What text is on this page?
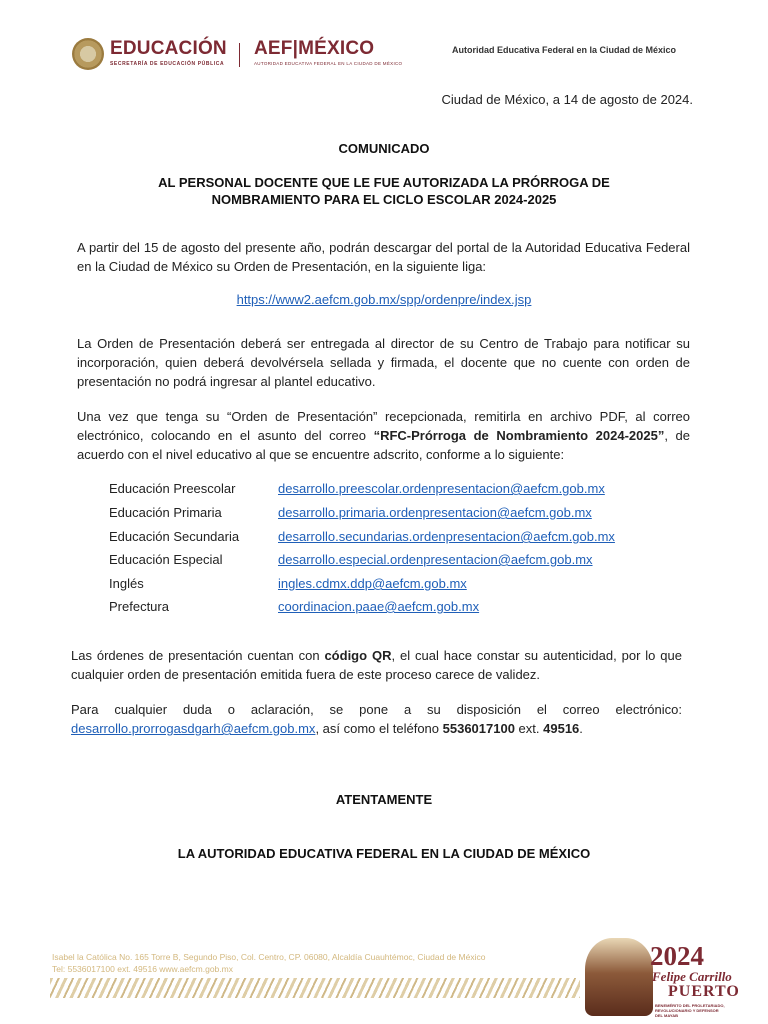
EDUCACIÓN
SECRETARÍA DE EDUCACIÓN PÚBLICA
AEF|MÉXICO
AUTORIDAD EDUCATIVA FEDERAL EN LA CIUDAD DE MÉXICO
Autoridad Educativa Federal en la Ciudad de México
Ciudad de México, a 14 de agosto de 2024.
COMUNICADO
AL PERSONAL DOCENTE QUE LE FUE AUTORIZADA LA PRÓRROGA DE
NOMBRAMIENTO PARA EL CICLO ESCOLAR 2024-2025
A partir del 15 de agosto del presente año, podrán descargar del portal de la Autoridad Educativa Federal en la Ciudad de México su Orden de Presentación, en la siguiente liga:
https://www2.aefcm.gob.mx/spp/ordenpre/index.jsp
La Orden de Presentación deberá ser entregada al director de su Centro de Trabajo para notificar su incorporación, quien deberá devolvérsela sellada y firmada, el docente que no cuente con orden de presentación no podrá ingresar al plantel educativo.
Una vez que tenga su “Orden de Presentación” recepcionada, remitirla en archivo PDF, al correo electrónico, colocando en el asunto del correo “RFC-Prórroga de Nombramiento 2024-2025”, de acuerdo con el nivel educativo al que se encuentre adscrito, conforme a lo siguiente:
Educación Preescolar	desarrollo.preescolar.ordenpresentacion@aefcm.gob.mx
Educación Primaria	desarrollo.primaria.ordenpresentacion@aefcm.gob.mx
Educación Secundaria	desarrollo.secundarias.ordenpresentacion@aefcm.gob.mx
Educación Especial	desarrollo.especial.ordenpresentacion@aefcm.gob.mx
Inglés	ingles.cdmx.ddp@aefcm.gob.mx
Prefectura	coordinacion.paae@aefcm.gob.mx
Las órdenes de presentación cuentan con código QR, el cual hace constar su autenticidad, por lo que cualquier orden de presentación emitida fuera de este proceso carece de validez.
Para cualquier duda o aclaración, se pone a su disposición el correo electrónico: desarrollo.prorrogasdgarh@aefcm.gob.mx, así como el teléfono 5536017100 ext. 49516.
ATENTAMENTE
LA AUTORIDAD EDUCATIVA FEDERAL EN LA CIUDAD DE MÉXICO
Isabel la Católica No. 165 Torre B, Segundo Piso, Col. Centro, CP. 06080, Alcaldía Cuauhtémoc, Ciudad de México
Tel: 5536017100 ext. 49516 www.aefcm.gob.mx	2024
Felipe Carrillo
PUERTO
BENEMÉRITO DEL PROLETARIADO, REVOLUCIONARIO Y DEFENSOR DEL MAYAB
